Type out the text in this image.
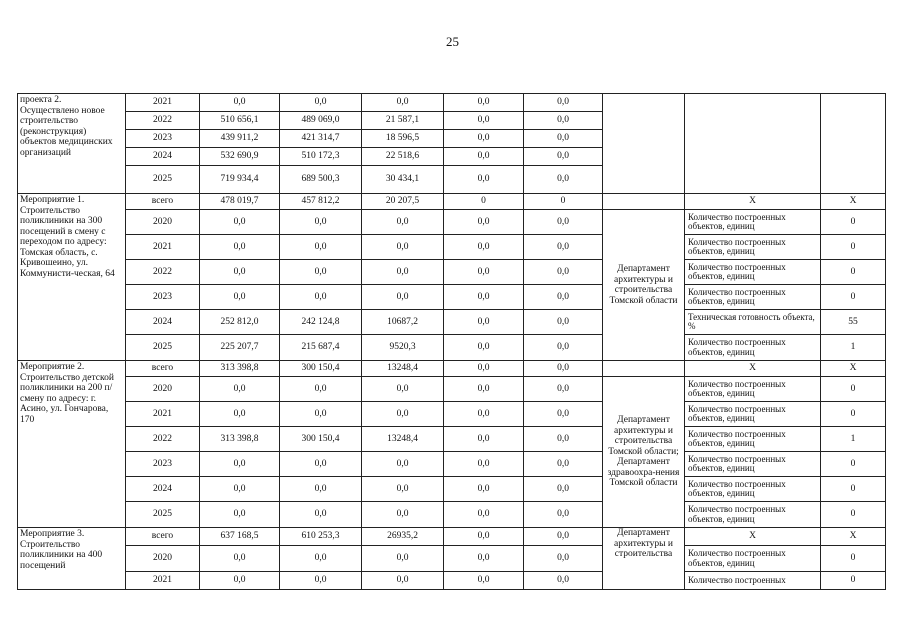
25
проекта 2.
Осуществлено новое строительство (реконструкция) объектов медицинских организаций	2021	0,0	0,0	0,0	0,0	0,0			
	2022	510 656,1	489 069,0	21 587,1	0,0	0,0			
	2023	439 911,2	421 314,7	18 596,5	0,0	0,0			
	2024	532 690,9	510 172,3	22 518,6	0,0	0,0			
	2025	719 934,4	689 500,3	30 434,1	0,0	0,0			
Мероприятие 1. Строительство поликлиники на 300 посещений в смену с переходом по адресу: Томская область, с. Кривошеино, ул. Коммунисти-ческая, 64	всего	478 019,7	457 812,2	20 207,5	0	0		X	X
	2020	0,0	0,0	0,0	0,0	0,0	Департамент архитектуры и строительства Томской области	Количество построенных объектов, единиц	0
	2021	0,0	0,0	0,0	0,0	0,0		Количество построенных объектов, единиц	0
	2022	0,0	0,0	0,0	0,0	0,0		Количество построенных объектов, единиц	0
	2023	0,0	0,0	0,0	0,0	0,0		Количество построенных объектов, единиц	0
	2024	252 812,0	242 124,8	10687,2	0,0	0,0		Техническая готовность объекта, %	55
	2025	225 207,7	215 687,4	9520,3	0,0	0,0		Количество построенных объектов, единиц	1
Мероприятие 2. Строительство детской поликлиники на 200 п/смену по адресу: г. Асино, ул. Гончарова, 170	всего	313 398,8	300 150,4	13248,4	0,0	0,0		X	X
	2020	0,0	0,0	0,0	0,0	0,0	Департамент архитектуры и строительства Томской области; Департамент здравоохра-нения Томской области	Количество построенных объектов, единиц	0
	2021	0,0	0,0	0,0	0,0	0,0		Количество построенных объектов, единиц	0
	2022	313 398,8	300 150,4	13248,4	0,0	0,0		Количество построенных объектов, единиц	1
	2023	0,0	0,0	0,0	0,0	0,0		Количество построенных объектов, единиц	0
	2024	0,0	0,0	0,0	0,0	0,0		Количество построенных объектов, единиц	0
	2025	0,0	0,0	0,0	0,0	0,0		Количество построенных объектов, единиц	0
Мероприятие 3. Строительство поликлиники на 400 посещений	всего	637 168,5	610 253,3	26935,2	0,0	0,0	Департамент архитектуры и строительства	X	X
	2020	0,0	0,0	0,0	0,0	0,0		Количество построенных объектов, единиц	0
	2021	0,0	0,0	0,0	0,0	0,0		Количество построенных	0
